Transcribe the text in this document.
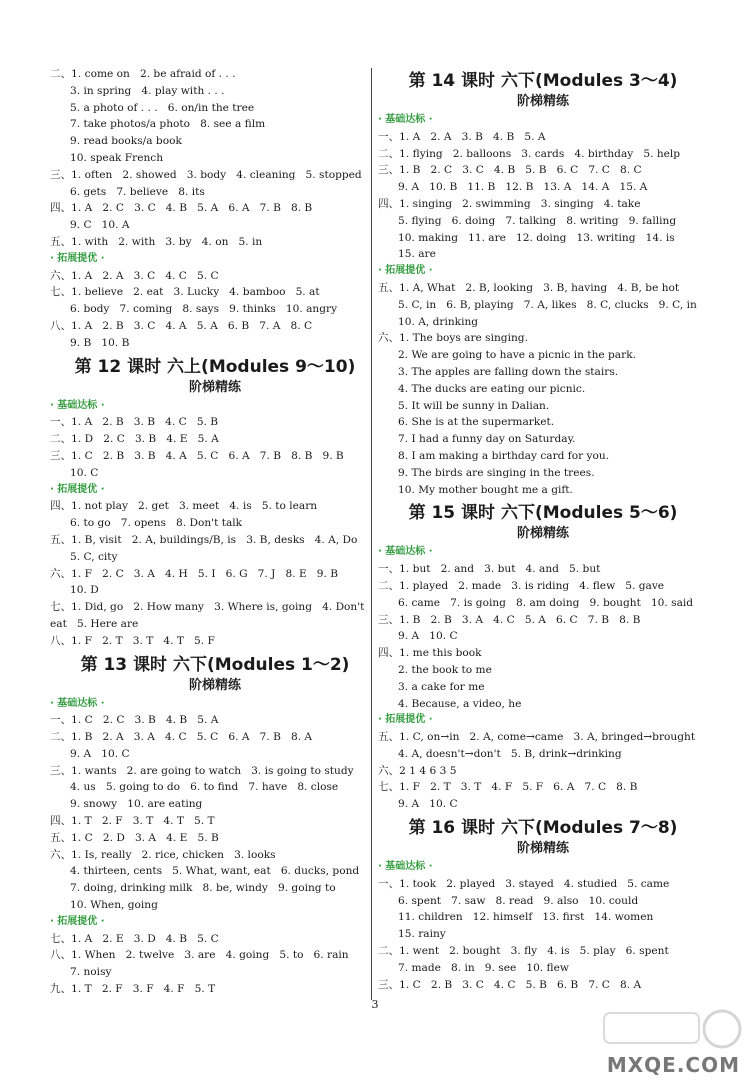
二、1. come on   2. be afraid of . . .
3. in spring   4. play with . . .
5. a photo of . . .   6. on/in the tree
7. take photos/a photo   8. see a film
9. read books/a book
10. speak French
三、1. often   2. showed   3. body   4. cleaning   5. stopped
6. gets   7. believe   8. its
四、1. A   2. C   3. C   4. B   5. A   6. A   7. B   8. B
9. C   10. A
五、1. with   2. with   3. by   4. on   5. in
· 拓展提优 ·
六、1. A   2. A   3. C   4. C   5. C
七、1. believe   2. eat   3. Lucky   4. bamboo   5. at
6. body   7. coming   8. says   9. thinks   10. angry
八、1. A   2. B   3. C   4. A   5. A   6. B   7. A   8. C
9. B   10. B
第 12 课时 六上(Modules 9～10)
阶梯精练
· 基础达标 ·
一、1. A   2. B   3. B   4. C   5. B
二、1. D   2. C   3. B   4. E   5. A
三、1. C   2. B   3. B   4. A   5. C   6. A   7. B   8. B   9. B
10. C
· 拓展提优 ·
四、1. not play   2. get   3. meet   4. is   5. to learn
6. to go   7. opens   8. Don't talk
五、1. B, visit   2. A, buildings/B, is   3. B, desks   4. A, Do
5. C, city
六、1. F   2. C   3. A   4. H   5. I   6. G   7. J   8. E   9. B
10. D
七、1. Did, go   2. How many   3. Where is, going   4. Don't
eat   5. Here are
八、1. F   2. T   3. T   4. T   5. F
第 13 课时 六下(Modules 1～2)
阶梯精练
· 基础达标 ·
一、1. C   2. C   3. B   4. B   5. A
二、1. B   2. A   3. A   4. C   5. C   6. A   7. B   8. A
9. A   10. C
三、1. wants   2. are going to watch   3. is going to study
4. us   5. going to do   6. to find   7. have   8. close
9. snowy   10. are eating
四、1. T   2. F   3. T   4. T   5. T
五、1. C   2. D   3. A   4. E   5. B
六、1. Is, really   2. rice, chicken   3. looks
4. thirteen, cents   5. What, want, eat   6. ducks, pond
7. doing, drinking milk   8. be, windy   9. going to
10. When, going
· 拓展提优 ·
七、1. A   2. E   3. D   4. B   5. C
八、1. When   2. twelve   3. are   4. going   5. to   6. rain
7. noisy
九、1. T   2. F   3. F   4. F   5. T
第 14 课时 六下(Modules 3～4)
阶梯精练
· 基础达标 ·
一、1. A   2. A   3. B   4. B   5. A
二、1. flying   2. balloons   3. cards   4. birthday   5. help
三、1. B   2. C   3. C   4. B   5. B   6. C   7. C   8. C
9. A   10. B   11. B   12. B   13. A   14. A   15. A
四、1. singing   2. swimming   3. singing   4. take
5. flying   6. doing   7. talking   8. writing   9. falling
10. making   11. are   12. doing   13. writing   14. is
15. are
· 拓展提优 ·
五、1. A, What   2. B, looking   3. B, having   4. B, be hot
5. C, in   6. B, playing   7. A, likes   8. C, clucks   9. C, in
10. A, drinking
六、1. The boys are singing.
2. We are going to have a picnic in the park.
3. The apples are falling down the stairs.
4. The ducks are eating our picnic.
5. It will be sunny in Dalian.
6. She is at the supermarket.
7. I had a funny day on Saturday.
8. I am making a birthday card for you.
9. The birds are singing in the trees.
10. My mother bought me a gift.
第 15 课时 六下(Modules 5～6)
阶梯精练
· 基础达标 ·
一、1. but   2. and   3. but   4. and   5. but
二、1. played   2. made   3. is riding   4. flew   5. gave
6. came   7. is going   8. am doing   9. bought   10. said
三、1. B   2. B   3. A   4. C   5. A   6. C   7. B   8. B
9. A   10. C
四、1. me this book
2. the book to me
3. a cake for me
4. Because, a video, he
· 拓展提优 ·
五、1. C, on→in   2. A, come→came   3. A, bringed→brought
4. A, doesn't→don't   5. B, drink→drinking
六、2 1 4 6 3 5
七、1. F   2. T   3. T   4. F   5. F   6. A   7. C   8. B
9. A   10. C
第 16 课时 六下(Modules 7～8)
阶梯精练
· 基础达标 ·
一、1. took   2. played   3. stayed   4. studied   5. came
6. spent   7. saw   8. read   9. also   10. could
11. children   12. himself   13. first   14. women
15. rainy
二、1. went   2. bought   3. fly   4. is   5. play   6. spent
7. made   8. in   9. see   10. flew
三、1. C   2. B   3. C   4. C   5. B   6. B   7. C   8. A
3
MXQE.COM
